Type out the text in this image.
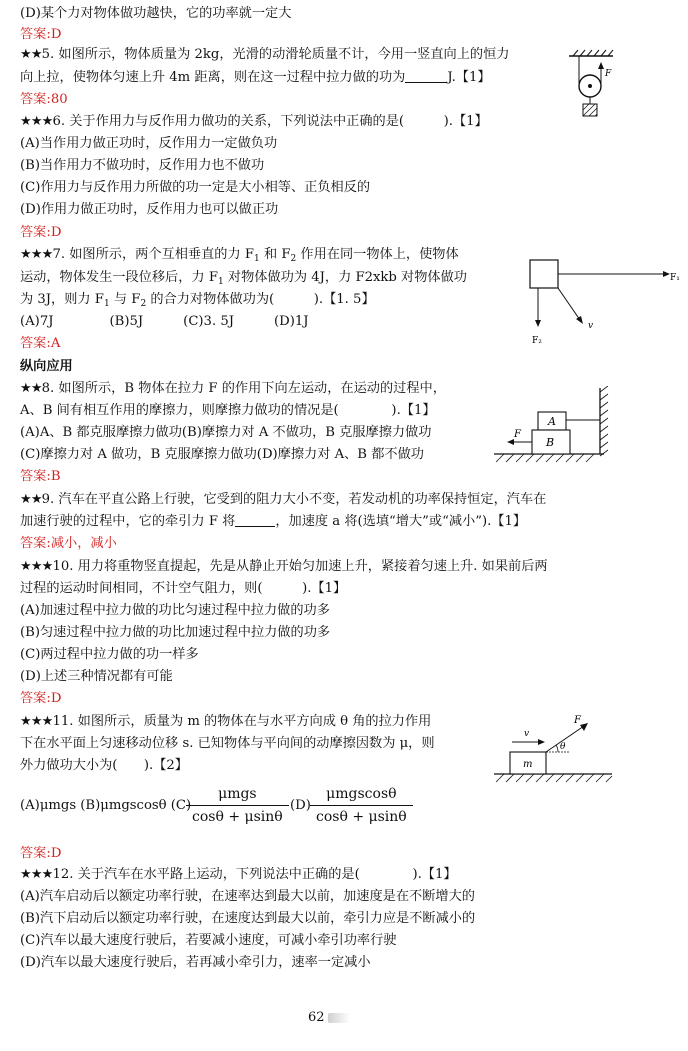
(D)某个力对物体做功越快，它的功率就一定大
答案:D
★★5. 如图所示，物体质量为 2kg，光滑的动滑轮质量不计，今用一竖直向上的恒力
向上拉，使物体匀速上升 4m 距离，则在这一过程中拉力做的功为	J.【1】
答案:80
F
★★★6. 关于作用力与反作用力做功的关系，下列说法中正确的是(　　　).【1】
(A)当作用力做正功时，反作用力一定做负功
(B)当作用力不做功时，反作用力也不做功
(C)作用力与反作用力所做的功一定是大小相等、正负相反的
(D)作用力做正功时，反作用力也可以做正功
答案:D
★★★7. 如图所示，两个互相垂直的力 $F_1$ 和 $F_2$ 作用在同一物体上，使物体
运动，物体发生一段位移后，力 $F_1$ 对物体做功为 4J，力 F2xkb 对物体做功
为 3J，则力 $F_1$ 与 $F_2$ 的合力对物体做功为(　　　).【1. 5】
(A)7J	(B)5J	(C)3. 5J	(D)1J
答案:A
F₁
F₂
v
纵向应用
★★8. 如图所示，B 物体在拉力 F 的作用下向左运动，在运动的过程中，
A、B 间有相互作用的摩擦力，则摩擦力做功的情况是(　　　　).【1】
(A)A、B 都克服摩擦力做功(B)摩擦力对 A 不做功，B 克服摩擦力做功
(C)摩擦力对 A 做功，B 克服摩擦力做功(D)摩擦力对 A、B 都不做功
答案:B
A
B
F
★★9. 汽车在平直公路上行驶，它受到的阻力大小不变，若发动机的功率保持恒定，汽车在
加速行驶的过程中，它的牵引力 F 将	，加速度 a 将(选填“增大”或“减小”).【1】
答案:减小，减小
★★★10. 用力将重物竖直提起，先是从静止开始匀加速上升，紧接着匀速上升. 如果前后两
过程的运动时间相同，不计空气阻力，则(　　　).【1】
(A)加速过程中拉力做的功比匀速过程中拉力做的功多
(B)匀速过程中拉力做的功比加速过程中拉力做的功多
(C)两过程中拉力做的功一样多
(D)上述三种情况都有可能
答案:D
★★★11. 如图所示，质量为 m 的物体在与水平方向成 θ 角的拉力作用
下在水平面上匀速移动位移 s. 已知物体与平向间的动摩擦因数为 μ，则
外力做功大小为(　　).【2】	m
v
F
θ
(A)μmgs (B)μmgscosθ (C)
μmgs
cosθ + μsinθ
(D)
μmgscosθ
cosθ + μsinθ
答案:D
★★★12. 关于汽车在水平路上运动，下列说法中正确的是(　　　　).【1】
(A)汽车启动后以额定功率行驶，在速率达到最大以前，加速度是在不断增大的
(B)汽下启动后以额定功率行驶，在速度达到最大以前，牵引力应是不断减小的
(C)汽车以最大速度行驶后，若要减小速度，可减小牵引功率行驶
(D)汽车以最大速度行驶后，若再减小牵引力，速率一定减小
62
